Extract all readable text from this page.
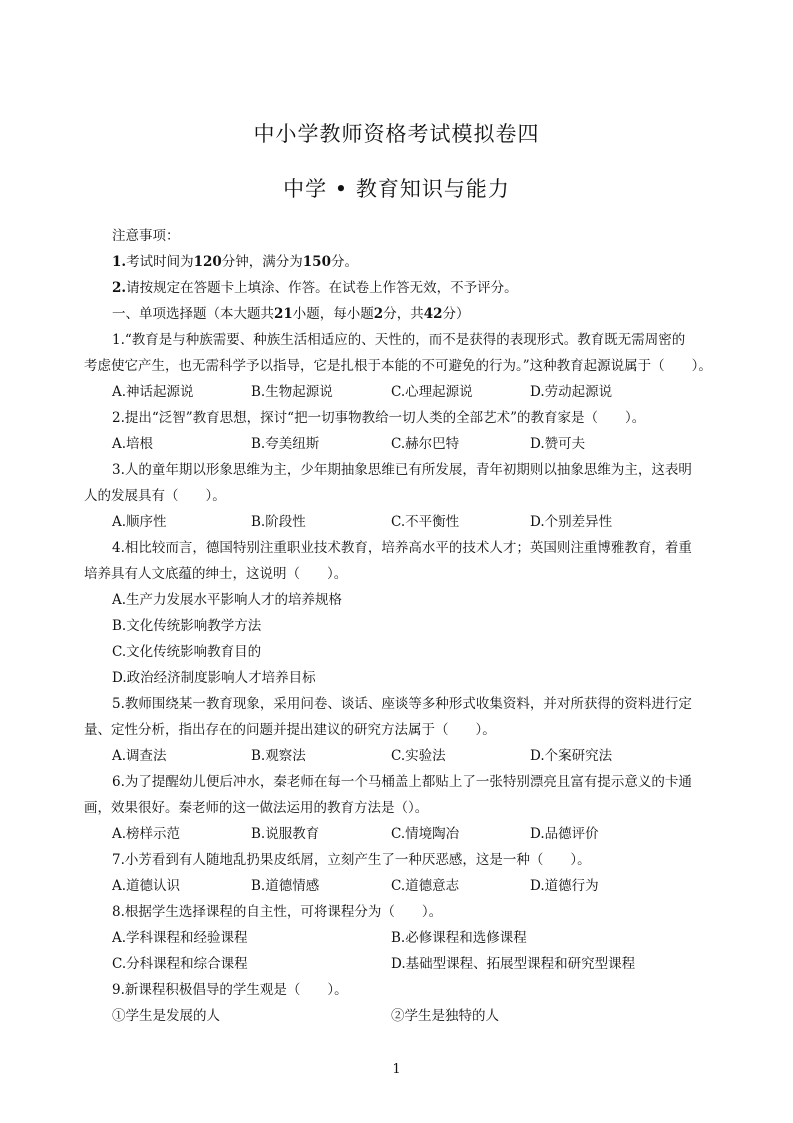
中小学教师资格考试模拟卷四
中学 • 教育知识与能力
注意事项：
1.考试时间为120分钟，满分为150分。
2.请按规定在答题卡上填涂、作答。在试卷上作答无效，不予评分。
一、单项选择题（本大题共21小题，每小题2分，共42分）
1.“教育是与种族需要、种族生活相适应的、天性的，而不是获得的表现形式。教育既无需周密的
考虑使它产生，也无需科学予以指导，它是扎根于本能的不可避免的行为。”这种教育起源说属于（　　）。
A.神话起源说	B.生物起源说	C.心理起源说	D.劳动起源说
2.提出“泛智”教育思想，探讨“把一切事物教给一切人类的全部艺术”的教育家是（　　）。
A.培根	B.夸美纽斯	C.赫尔巴特	D.赞可夫
3.人的童年期以形象思维为主，少年期抽象思维已有所发展，青年初期则以抽象思维为主，这表明
人的发展具有（　　）。
A.顺序性	B.阶段性	C.不平衡性	D.个别差异性
4.相比较而言，德国特别注重职业技术教育，培养高水平的技术人才；英国则注重博雅教育，着重
培养具有人文底蕴的绅士，这说明（　　）。
A.生产力发展水平影响人才的培养规格
B.文化传统影响教学方法
C.文化传统影响教育目的
D.政治经济制度影响人才培养目标
5.教师围绕某一教育现象，采用问卷、谈话、座谈等多种形式收集资料，并对所获得的资料进行定
量、定性分析，指出存在的问题并提出建议的研究方法属于（　　）。
A.调查法	B.观察法	C.实验法	D.个案研究法
6.为了提醒幼儿便后冲水，秦老师在每一个马桶盖上都贴上了一张特别漂亮且富有提示意义的卡通
画，效果很好。秦老师的这一做法运用的教育方法是（）。
A.榜样示范	B.说服教育	C.情境陶冶	D.品德评价
7.小芳看到有人随地乱扔果皮纸屑，立刻产生了一种厌恶感，这是一种（　　）。
A.道德认识	B.道德情感	C.道德意志	D.道德行为
8.根据学生选择课程的自主性，可将课程分为（　　）。
A.学科课程和经验课程	B.必修课程和选修课程
C.分科课程和综合课程	D.基础型课程、拓展型课程和研究型课程
9.新课程积极倡导的学生观是（　　）。
①学生是发展的人	②学生是独特的人
1
